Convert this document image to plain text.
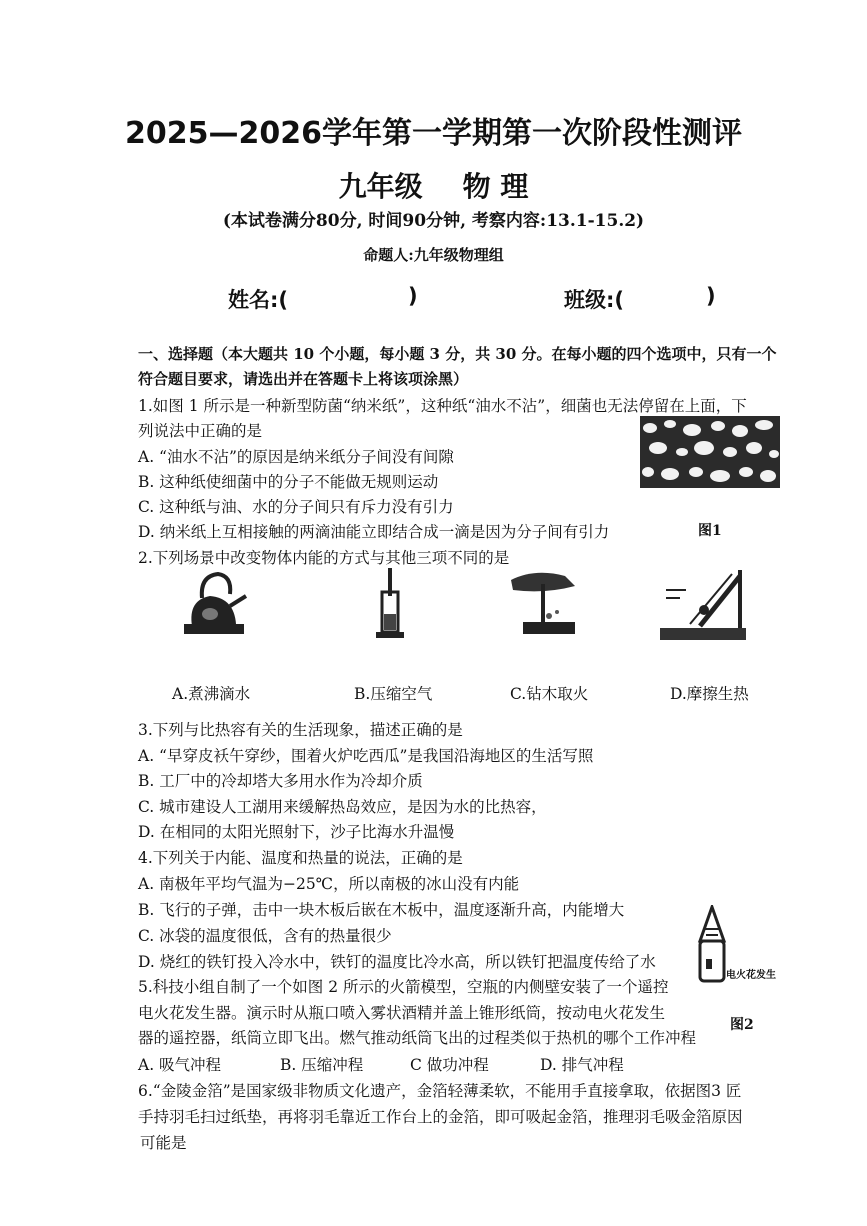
2025—2026学年第一学期第一次阶段性测评
九年级 物 理
(本试卷满分80分, 时间90分钟, 考察内容:13.1-15.2)
命题人:九年级物理组
姓名:(	)	班级:(	)
一、选择题（本大题共 10 个小题，每小题 3 分，共 30 分。在每小题的四个选项中，只有一个
符合题目要求，请选出并在答题卡上将该项涂黑）
1.如图 1 所示是一种新型防菌“纳米纸”，这种纸“油水不沾”，细菌也无法停留在上面，下
列说法中正确的是
A. “油水不沾”的原因是纳米纸分子间没有间隙
B. 这种纸使细菌中的分子不能做无规则运动
C. 这种纸与油、水的分子间只有斥力没有引力
D. 纳米纸上互相接触的两滴油能立即结合成一滴是因为分子间有引力	图1
2.下列场景中改变物体内能的方式与其他三项不同的是
A.煮沸滴水	B.压缩空气	C.钻木取火	D.摩擦生热
3.下列与比热容有关的生活现象，描述正确的是
A. “早穿皮袄午穿纱，围着火炉吃西瓜”是我国沿海地区的生活写照
B. 工厂中的冷却塔大多用水作为冷却介质
C. 城市建设人工湖用来缓解热岛效应，是因为水的比热容，
D. 在相同的太阳光照射下，沙子比海水升温慢
4.下列关于内能、温度和热量的说法，正确的是
A. 南极年平均气温为−25℃，所以南极的冰山没有内能
B. 飞行的子弹，击中一块木板后嵌在木板中，温度逐渐升高，内能增大
C. 冰袋的温度很低，含有的热量很少
D. 烧红的铁钉投入冷水中，铁钉的温度比冷水高，所以铁钉把温度传给了水
5.科技小组自制了一个如图 2 所示的火箭模型，空瓶的内侧壁安装了一个遥控
电火花发生器。演示时从瓶口喷入雾状酒精并盖上锥形纸筒，按动电火花发生
器的遥控器，纸筒立即飞出。燃气推动纸筒飞出的过程类似于热机的哪个工作冲程
A. 吸气冲程	B. 压缩冲程	C 做功冲程	D. 排气冲程
电火花发生
图2
6.“金陵金箔”是国家级非物质文化遗产，金箔轻薄柔软，不能用手直接拿取，依据图3 匠
手持羽毛扫过纸垫，再将羽毛靠近工作台上的金箔，即可吸起金箔，推理羽毛吸金箔原因
可能是
